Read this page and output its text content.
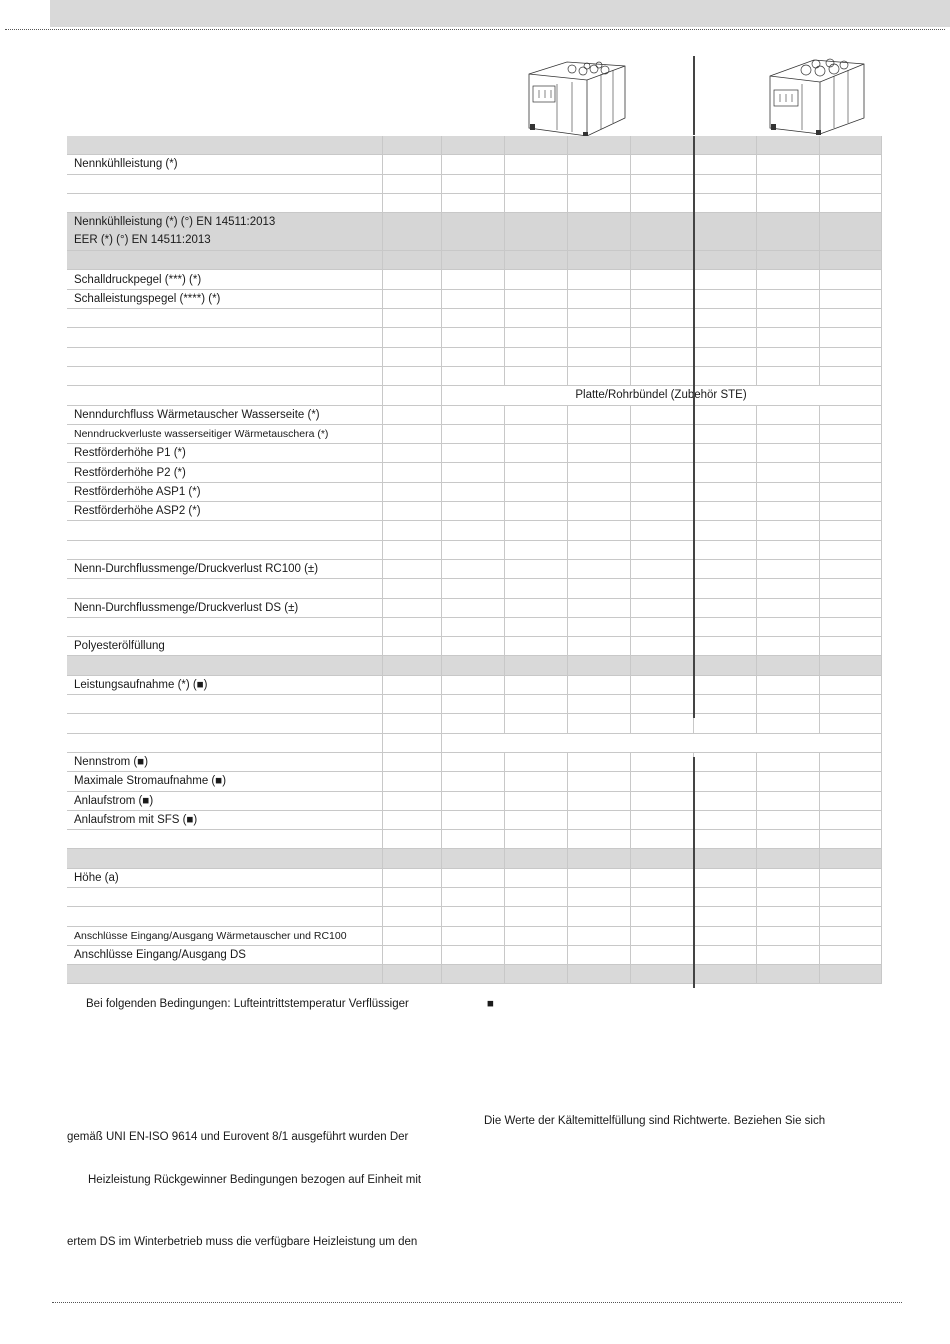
Nennkühlleistung (*)								

Nennkühlleistung (*) (°) EN 14511:2013
EER (*) (°) EN 14511:2013								

Schalldruckpegel (***) (*)								

Schalleistungspegel (****) (*)								

		Platte/Rohrbündel (Zubehör STE)						

Nenndurchfluss Wärmetauscher Wasserseite (*)								

Nenndruckverluste wasserseitiger Wärmetauschera (*)								

Restförderhöhe P1 (*)								

Restförderhöhe P2 (*)								

Restförderhöhe ASP1 (*)								

Restförderhöhe ASP2 (*)								

Nenn-Durchflussmenge/Druckverlust RC100 (±)								

Nenn-Durchflussmenge/Druckverlust DS (±)								

Polyesterölfüllung								

Leistungsaufnahme (*) (■)								

Nennstrom (■)								

Maximale Stromaufnahme (■)								

Anlaufstrom (■)								

Anlaufstrom mit SFS (■)								

Höhe (a)								

Anschlüsse Eingang/Ausgang Wärmetauscher und RC100								

Anschlüsse Eingang/Ausgang DS								

Bei folgenden Bedingungen: Lufteintrittstemperatur Verflüssiger	■
Die Werte der Kältemittelfüllung sind Richtwerte. Beziehen Sie sich
gemäß UNI EN-ISO 9614 und Eurovent 8/1 ausgeführt wurden Der
Heizleistung Rückgewinner Bedingungen bezogen auf Einheit mit
ertem DS im Winterbetrieb muss die verfügbare Heizleistung um den
